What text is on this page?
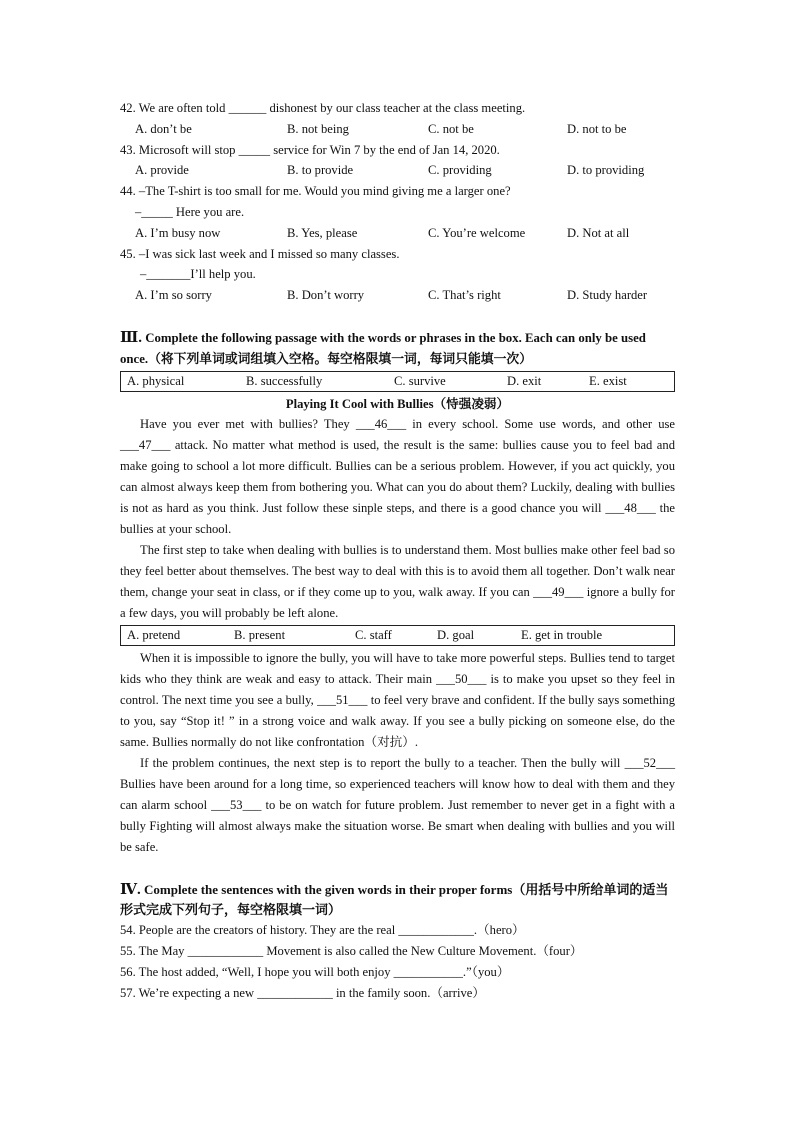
42. We are often told ______ dishonest by our class teacher at the class meeting.
A. don’t be	B. not being	C. not be	D. not to be
43. Microsoft will stop _____ service for Win 7 by the end of Jan 14, 2020.
A. provide	B. to provide	C. providing	D. to providing
44. –The T-shirt is too small for me. Would you mind giving me a larger one?
–_____ Here you are.
A. I’m busy now	B. Yes, please	C. You’re welcome	D. Not at all
45. –I was sick last week and I missed so many classes.
–_______I’ll help you.
A. I’m so sorry	B. Don’t worry	C. That’s right	D. Study harder
Ⅲ. Complete the following passage with the words or phrases in the box. Each can only be used once.（将下列单词或词组填入空格。每空格限填一词，每词只能填一次）
A. physical	B. successfully	C. survive	D. exit	E. exist
Playing It Cool with Bullies（恃强凌弱）
Have you ever met with bullies? They ___46___ in every school. Some use words, and other use ___47___ attack. No matter what method is used, the result is the same: bullies cause you to feel bad and make going to school a lot more difficult. Bullies can be a serious problem. However, if you act quickly, you can almost always keep them from bothering you. What can you do about them? Luckily, dealing with bullies is not as hard as you think. Just follow these sinple steps, and there is a good chance you will ___48___ the bullies at your school.
The first step to take when dealing with bullies is to understand them. Most bullies make other feel bad so they feel better about themselves. The best way to deal with this is to avoid them all together. Don’t walk near them, change your seat in class, or if they come up to you, walk away. If you can ___49___ ignore a bully for a few days, you will probably be left alone.
A. pretend	B. present	C. staff	D. goal	E. get in trouble
When it is impossible to ignore the bully, you will have to take more powerful steps. Bullies tend to target kids who they think are weak and easy to attack. Their main ___50___ is to make you upset so they feel in control. The next time you see a bully, ___51___ to feel very brave and confident. If the bully says something to you, say “Stop it! ” in a strong voice and walk away. If you see a bully picking on someone else, do the same. Bullies normally do not like confrontation（对抗）.
If the problem continues, the next step is to report the bully to a teacher. Then the bully will ___52___ Bullies have been around for a long time, so experienced teachers will know how to deal with them and they can alarm school ___53___ to be on watch for future problem. Just remember to never get in a fight with a bully Fighting will almost always make the situation worse. Be smart when dealing with bullies and you will be safe.
Ⅳ. Complete the sentences with the given words in their proper forms（用括号中所给单词的适当形式完成下列句子，每空格限填一词）
54. People are the creators of history. They are the real ____________.（hero）
55. The May ____________ Movement is also called the New Culture Movement.（four）
56. The host added, “Well, I hope you will both enjoy ___________.”（you）
57. We’re expecting a new ____________ in the family soon.（arrive）
